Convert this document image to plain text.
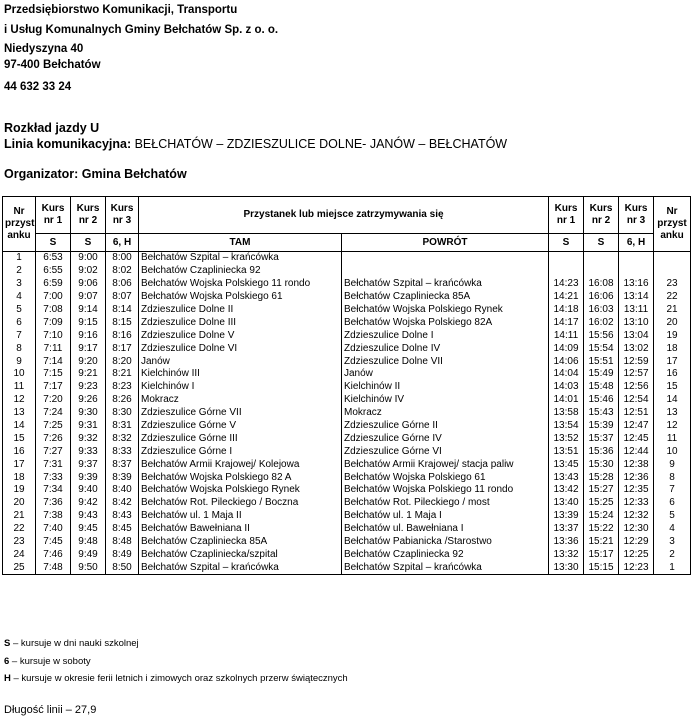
Przedsiębiorstwo Komunikacji, Transportu
i Usług Komunalnych Gminy Bełchatów Sp. z o. o.
Niedyszyna 40
97-400 Bełchatów
44 632 33 24
Rozkład jazdy U
Linia komunikacyjna: BEŁCHATÓW – ZDZIESZULICE DOLNE- JANÓW – BEŁCHATÓW
Organizator: Gmina Bełchatów
Nr przyst anku	Kurs nr 1	Kurs nr 2	Kurs nr 3	Przystanek lub miejsce zatrzymywania się		Kurs nr 1	Kurs nr 2	Kurs nr 3	Nr przyst anku
	S	S	6, H	TAM	POWRÓT	S	S	6, H	
1	6:53	9:00	8:00	Bełchatów Szpital – krańcówka					
2	6:55	9:02	8:02	Bełchatów Czapliniecka 92					
3	6:59	9:06	8:06	Bełchatów Wojska Polskiego 11 rondo	Bełchatów Szpital – krańcówka	14:23	16:08	13:16	23
4	7:00	9:07	8:07	Bełchatów Wojska Polskiego 61	Bełchatów Czapliniecka 85A	14:21	16:06	13:14	22
5	7:08	9:14	8:14	Zdzieszulice Dolne II	Bełchatów Wojska Polskiego Rynek	14:18	16:03	13:11	21
6	7:09	9:15	8:15	Zdzieszulice Dolne III	Bełchatów Wojska Polskiego 82A	14:17	16:02	13:10	20
7	7:10	9:16	8:16	Zdzieszulice Dolne V	Zdzieszulice Dolne I	14:11	15:56	13:04	19
8	7:11	9:17	8:17	Zdzieszulice Dolne VI	Zdzieszulice Dolne IV	14:09	15:54	13:02	18
9	7:14	9:20	8:20	Janów	Zdzieszulice Dolne VII	14:06	15:51	12:59	17
10	7:15	9:21	8:21	Kielchinów III	Janów	14:04	15:49	12:57	16
11	7:17	9:23	8:23	Kielchinów I	Kielchinów II	14:03	15:48	12:56	15
12	7:20	9:26	8:26	Mokracz	Kielchinów IV	14:01	15:46	12:54	14
13	7:24	9:30	8:30	Zdzieszulice Górne VII	Mokracz	13:58	15:43	12:51	13
14	7:25	9:31	8:31	Zdzieszulice Górne V	Zdzieszulice Górne II	13:54	15:39	12:47	12
15	7:26	9:32	8:32	Zdzieszulice Górne III	Zdzieszulice Górne IV	13:52	15:37	12:45	11
16	7:27	9:33	8:33	Zdzieszulice Górne I	Zdzieszulice Górne VI	13:51	15:36	12:44	10
17	7:31	9:37	8:37	Bełchatów Armii Krajowej/ Kolejowa	Bełchatów Armii Krajowej/ stacja paliw	13:45	15:30	12:38	9
18	7:33	9:39	8:39	Bełchatów Wojska Polskiego 82 A	Bełchatów Wojska Polskiego 61	13:43	15:28	12:36	8
19	7:34	9:40	8:40	Bełchatów Wojska Polskiego Rynek	Bełchatów Wojska Polskiego 11 rondo	13:42	15:27	12:35	7
20	7:36	9:42	8:42	Bełchatów Rot. Pileckiego / Boczna	Bełchatów Rot. Pileckiego / most	13:40	15:25	12:33	6
21	7:38	9:43	8:43	Bełchatów ul. 1 Maja II	Bełchatów ul. 1 Maja I	13:39	15:24	12:32	5
22	7:40	9:45	8:45	Bełchatów Bawełniana II	Bełchatów ul. Bawełniana I	13:37	15:22	12:30	4
23	7:45	9:48	8:48	Bełchatów Czapliniecka 85A	Bełchatów Pabianicka /Starostwo	13:36	15:21	12:29	3
24	7:46	9:49	8:49	Bełchatów Czapliniecka/szpital	Bełchatów Czapliniecka 92	13:32	15:17	12:25	2
25	7:48	9:50	8:50	Bełchatów Szpital – krańcówka	Bełchatów Szpital – krańcówka	13:30	15:15	12:23	1
S – kursuje w dni nauki szkolnej
6 – kursuje w soboty
H – kursuje w okresie ferii letnich i zimowych oraz szkolnych przerw świątecznych
Długość linii – 27,9
